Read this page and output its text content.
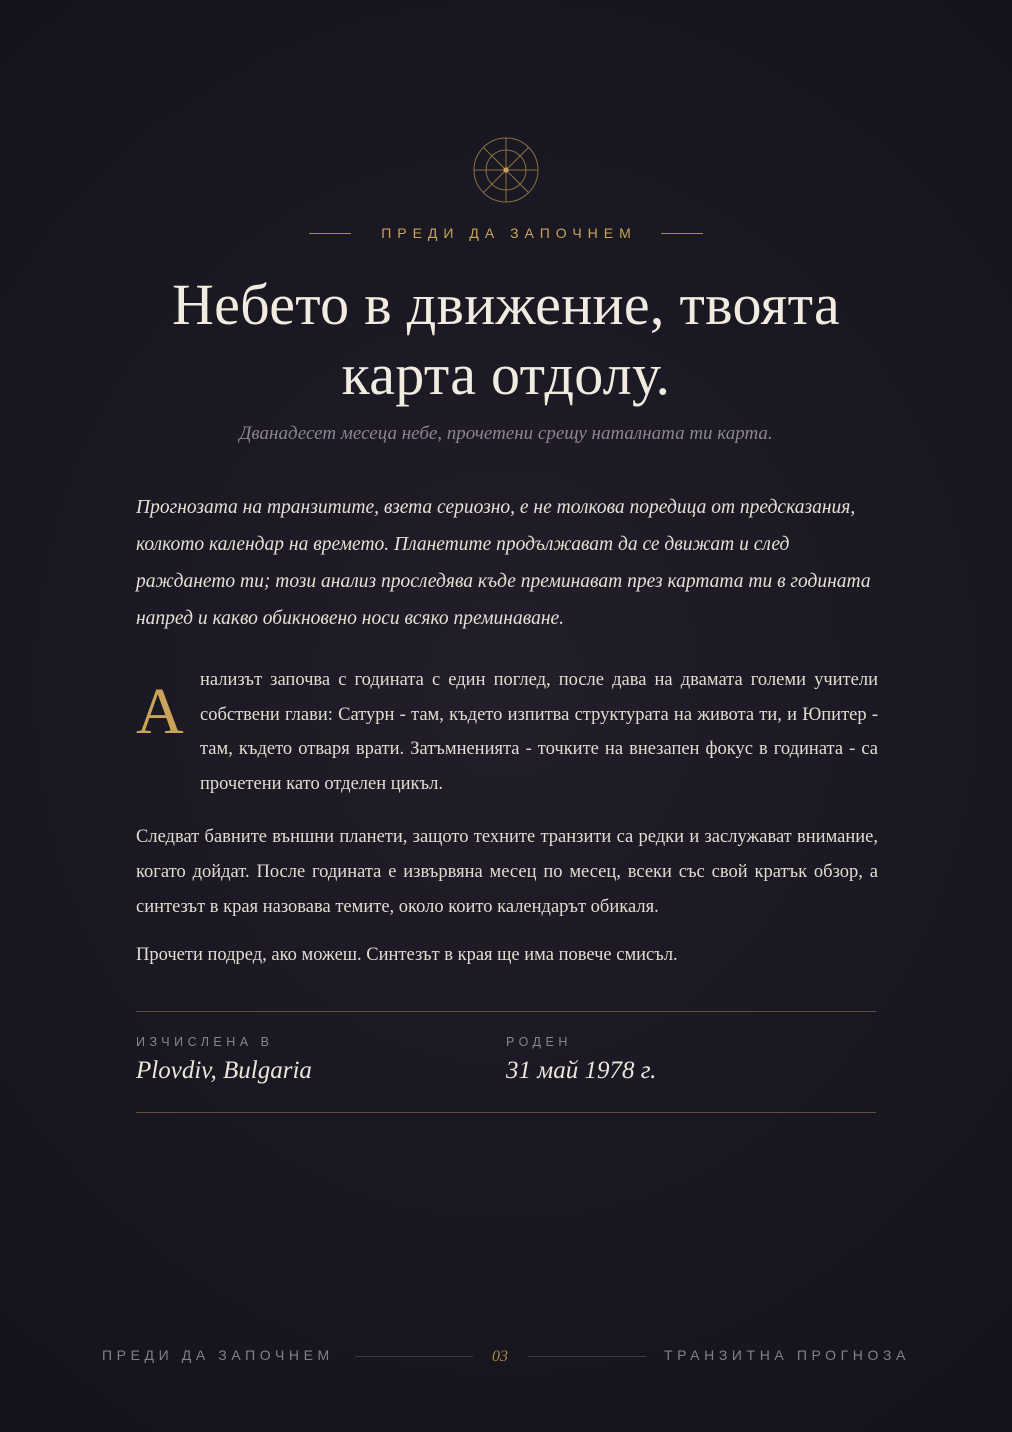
ПРЕДИ ДА ЗАПОЧНЕМ
Небето в движение, твоята карта отдолу.

Дванадесет месеца небе, прочетени срещу наталната ти карта.

Прогнозата на транзитите, взета сериозно, е не толкова поредица от предсказания, колкото календар на времето. Планетите продължават да се движат и след раждането ти; този анализ проследява къде преминават през картата ти в годината напред и какво обикновено носи всяко преминаване.

А нализът започва с годината с един поглед, после дава на двамата големи учители собствени глави: Сатурн - там, където изпитва структурата на живота ти, и Юпитер - там, където отваря врати. Затъмненията - точките на внезапен фокус в годината - са прочетени като отделен цикъл.

Следват бавните външни планети, защото техните транзити са редки и заслужават внимание, когато дойдат. После годината е извървяна месец по месец, всеки със свой кратък обзор, а синтезът в края назовава темите, около които календарът обикаля.

Прочети подред, ако можеш. Синтезът в края ще има повече смисъл.

ИЗЧИСЛЕНА В
Plovdiv, Bulgaria
РОДЕН
31 май 1978 г.
ПРЕДИ ДА ЗАПОЧНЕМ	03	ТРАНЗИТНА ПРОГНОЗА
